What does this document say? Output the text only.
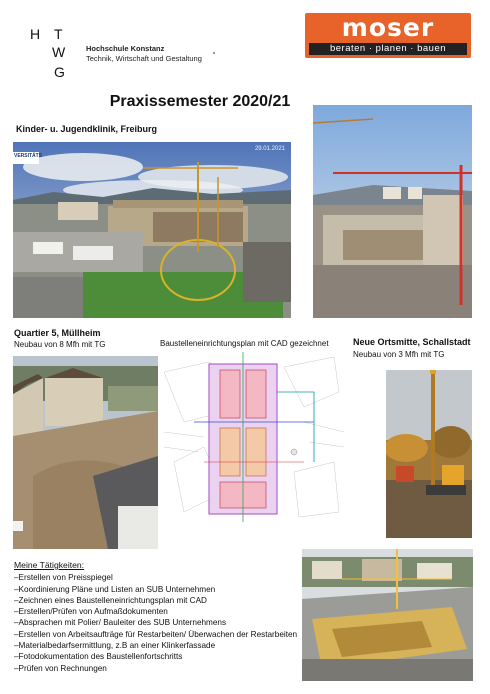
H T
W
G
Hochschule Konstanz
Technik, Wirtschaft und Gestaltung
moser
beraten · planen · bauen
Praxissemester 2020/21
Kinder- u. Jugendklinik, Freiburg
VERSITÄTS
29.01.2021
Quartier 5, Müllheim
Neubau von 8 Mfh mit TG	Baustelleneinrichtungsplan mit CAD gezeichnet	Neue Ortsmitte, Schallstadt
Neubau von 3 Mfh mit TG
Meine Tätigkeiten:
–Erstellen von Preisspiegel
–Koordinierung Pläne und Listen an SUB Unternehmen
–Zeichnen eines Baustelleneinrichtungsplan mit CAD
–Erstellen/Prüfen von Aufmaßdokumenten
–Absprachen mit Polier/ Bauleiter des SUB Unternehmens
–Erstellen von Arbeitsaufträge für Restarbeiten/ Überwachen der Restarbeiten
–Materialbedarfsermittlung, z.B an einer Klinkerfassade
–Fotodokumentation des Baustellenfortschritts
–Prüfen von Rechnungen
